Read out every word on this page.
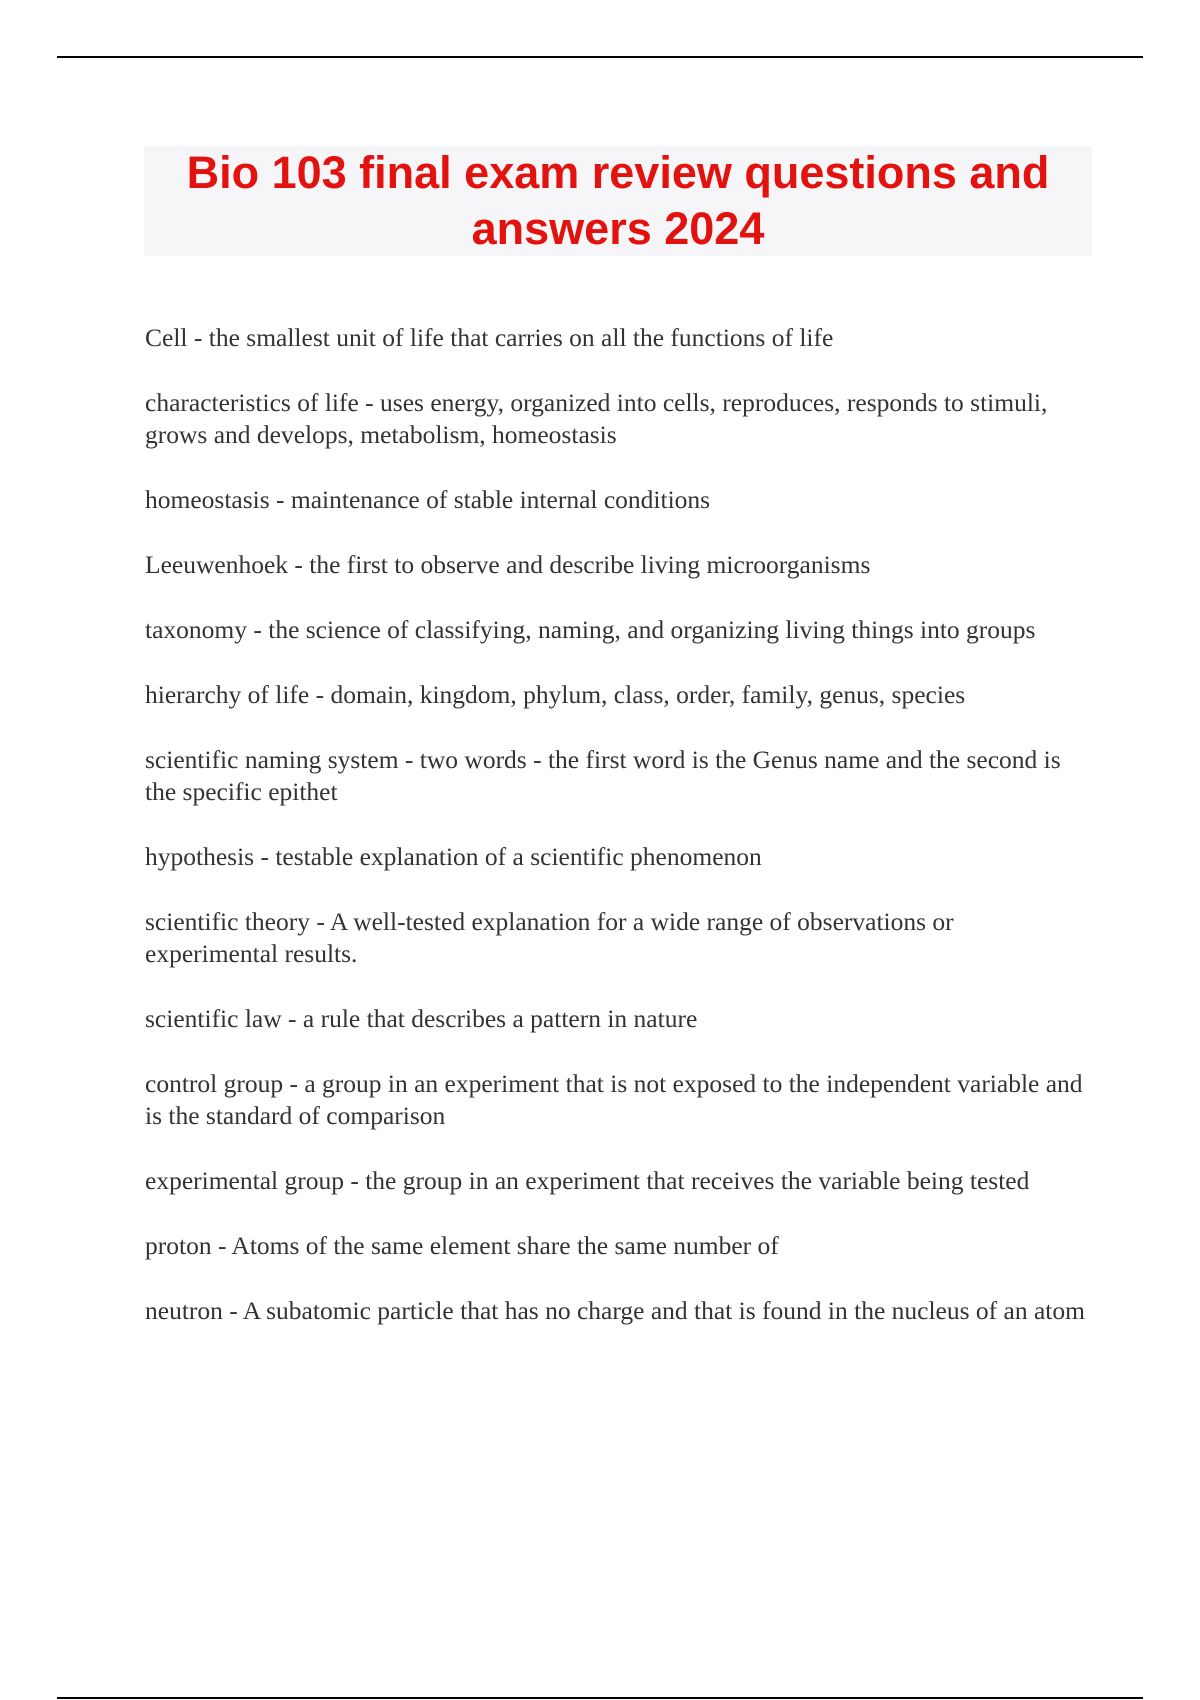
Bio 103 final exam review questions and answers 2024

Cell - the smallest unit of life that carries on all the functions of life

characteristics of life - uses energy, organized into cells, reproduces, responds to stimuli, grows and develops, metabolism, homeostasis

homeostasis - maintenance of stable internal conditions

Leeuwenhoek - the first to observe and describe living microorganisms

taxonomy - the science of classifying, naming, and organizing living things into groups

hierarchy of life - domain, kingdom, phylum, class, order, family, genus, species

scientific naming system - two words - the first word is the Genus name and the second is the specific epithet

hypothesis - testable explanation of a scientific phenomenon

scientific theory - A well-tested explanation for a wide range of observations or experimental results.

scientific law - a rule that describes a pattern in nature

control group - a group in an experiment that is not exposed to the independent variable and is the standard of comparison

experimental group - the group in an experiment that receives the variable being tested

proton - Atoms of the same element share the same number of

neutron - A subatomic particle that has no charge and that is found in the nucleus of an atom
